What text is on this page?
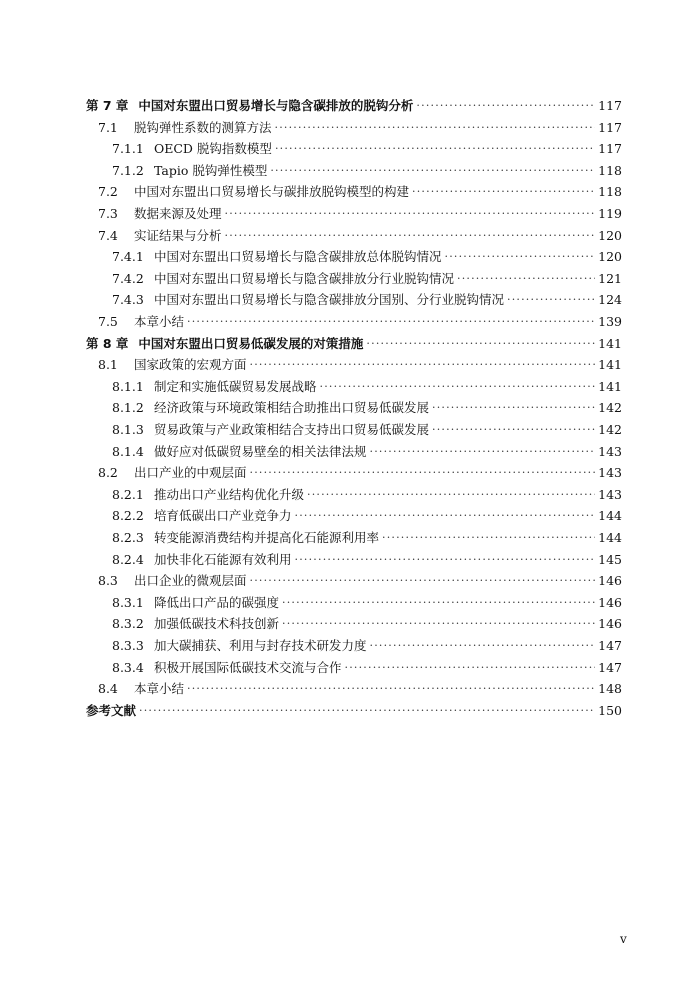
第 7 章 中国对东盟出口贸易增长与隐含碳排放的脱钩分析 ·····	117
7.1	脱钩弹性系数的测算方法 ·····	117
7.1.1 OECD 脱钩指数模型 ·····	117
7.1.2 Tapio 脱钩弹性模型 ·····	118
7.2	中国对东盟出口贸易增长与碳排放脱钩模型的构建 ·····	118
7.3	数据来源及处理 ·····	119
7.4	实证结果与分析 ·····	120
7.4.1 中国对东盟出口贸易增长与隐含碳排放总体脱钩情况 ·····	120
7.4.2 中国对东盟出口贸易增长与隐含碳排放分行业脱钩情况 ·····	121
7.4.3 中国对东盟出口贸易增长与隐含碳排放分国别、分行业脱钩情况 ·····	124
7.5	本章小结 ·····	139
第 8 章 中国对东盟出口贸易低碳发展的对策措施 ·····	141
8.1	国家政策的宏观方面 ·····	141
8.1.1 制定和实施低碳贸易发展战略 ·····	141
8.1.2 经济政策与环境政策相结合助推出口贸易低碳发展 ·····	142
8.1.3 贸易政策与产业政策相结合支持出口贸易低碳发展 ·····	142
8.1.4 做好应对低碳贸易壁垒的相关法律法规 ·····	143
8.2	出口产业的中观层面 ·····	143
8.2.1 推动出口产业结构优化升级 ·····	143
8.2.2 培育低碳出口产业竞争力 ·····	144
8.2.3 转变能源消费结构并提高化石能源利用率 ·····	144
8.2.4 加快非化石能源有效利用 ·····	145
8.3	出口企业的微观层面 ·····	146
8.3.1 降低出口产品的碳强度 ·····	146
8.3.2 加强低碳技术科技创新 ·····	146
8.3.3 加大碳捕获、利用与封存技术研发力度 ·····	147
8.3.4 积极开展国际低碳技术交流与合作 ·····	147
8.4	本章小结 ·····	148
参考文献 ·····	150
v
